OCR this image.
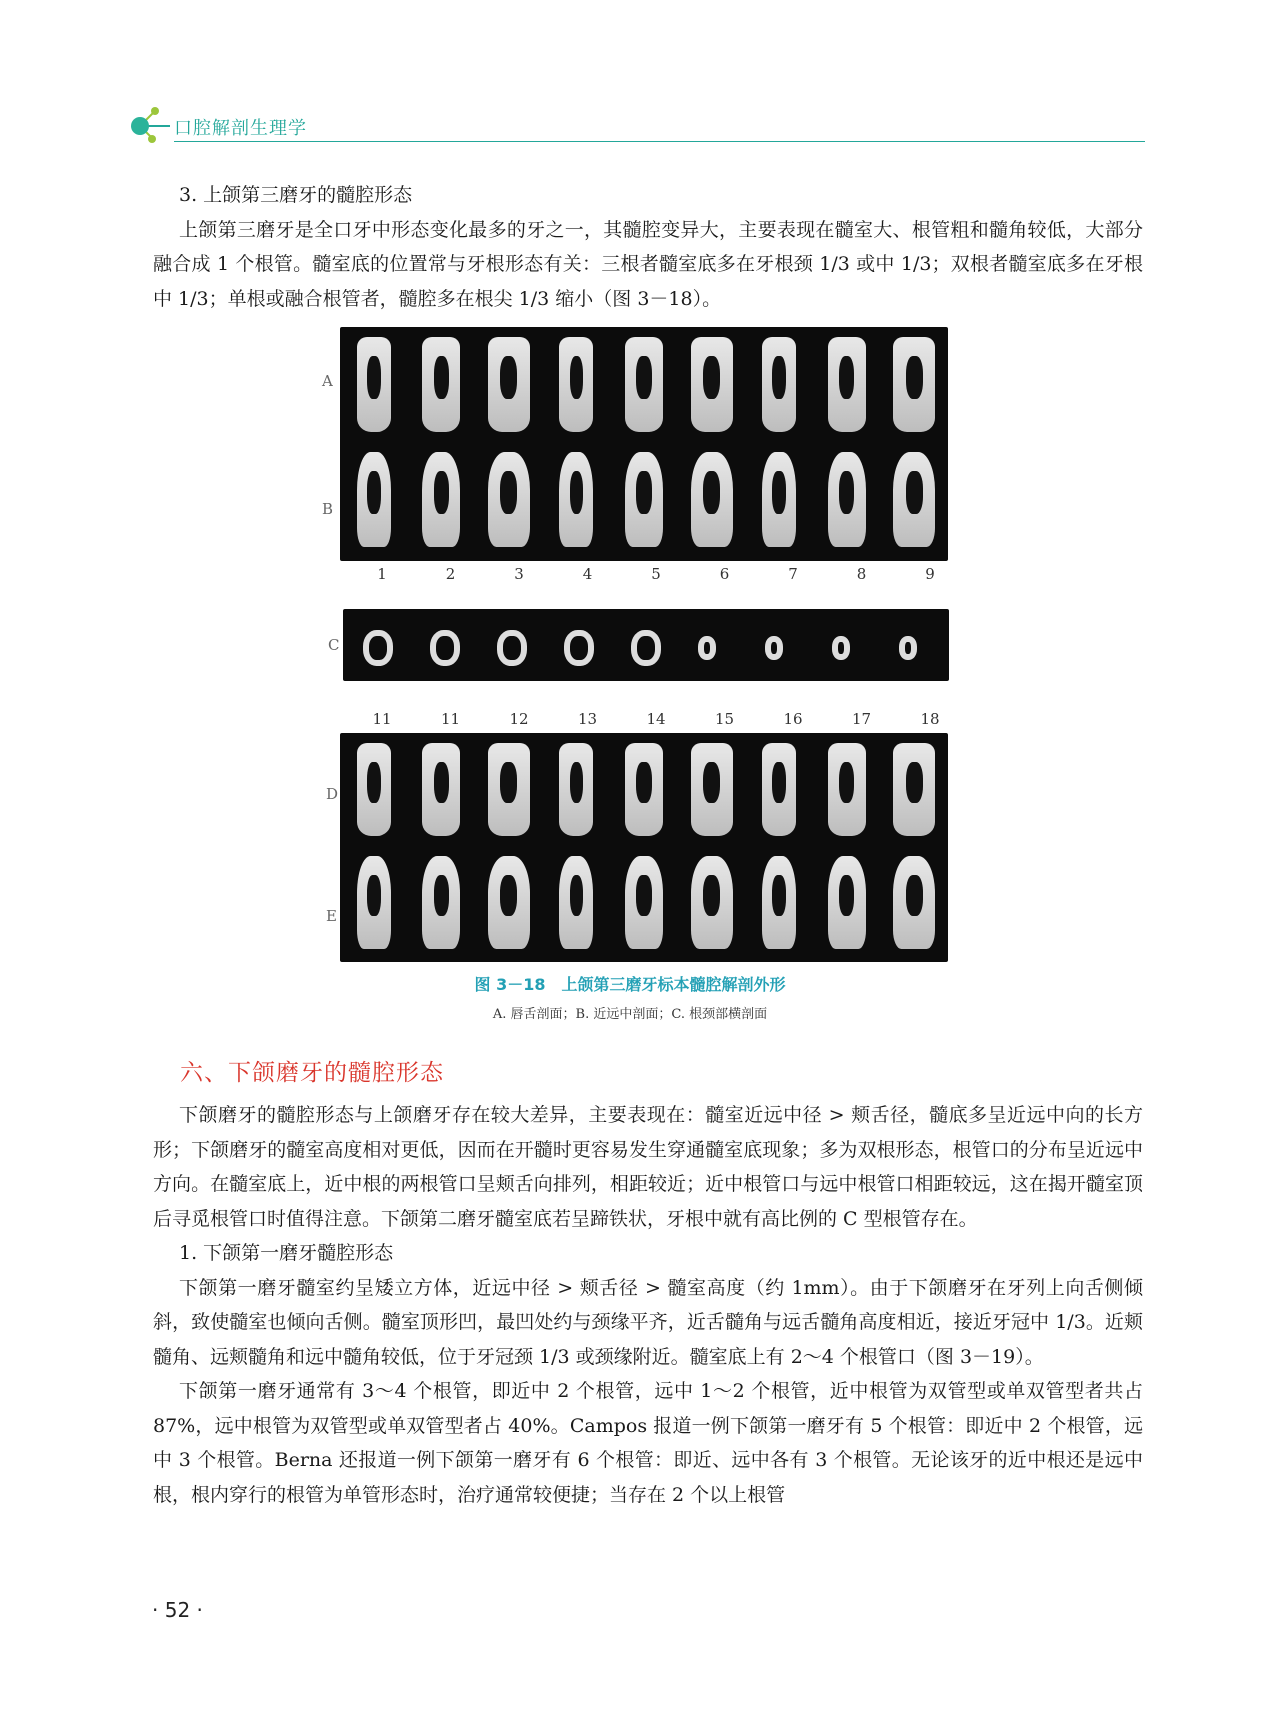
口腔解剖生理学

3. 上颌第三磨牙的髓腔形态

上颌第三磨牙是全口牙中形态变化最多的牙之一，其髓腔变异大，主要表现在髓室大、根管粗和髓角较低，大部分融合成 1 个根管。髓室底的位置常与牙根形态有关：三根者髓室底多在牙根颈 1/3 或中 1/3；双根者髓室底多在牙根中 1/3；单根或融合根管者，髓腔多在根尖 1/3 缩小（图 3－18）。

A
B
1	2	3	4	5	6	7	8	9
C
11	11	12	13	14	15	16	17	18
D
E
图 3－18　上颌第三磨牙标本髓腔解剖外形
A. 唇舌剖面；B. 近远中剖面；C. 根颈部横剖面
六、下颌磨牙的髓腔形态

下颌磨牙的髓腔形态与上颌磨牙存在较大差异，主要表现在：髓室近远中径 > 颊舌径，髓底多呈近远中向的长方形；下颌磨牙的髓室高度相对更低，因而在开髓时更容易发生穿通髓室底现象；多为双根形态，根管口的分布呈近远中方向。在髓室底上，近中根的两根管口呈颊舌向排列，相距较近；近中根管口与远中根管口相距较远，这在揭开髓室顶后寻觅根管口时值得注意。下颌第二磨牙髓室底若呈蹄铁状，牙根中就有高比例的 C 型根管存在。

1. 下颌第一磨牙髓腔形态

下颌第一磨牙髓室约呈矮立方体，近远中径 > 颊舌径 > 髓室高度（约 1mm）。由于下颌磨牙在牙列上向舌侧倾斜，致使髓室也倾向舌侧。髓室顶形凹，最凹处约与颈缘平齐，近舌髓角与远舌髓角高度相近，接近牙冠中 1/3。近颊髓角、远颊髓角和远中髓角较低，位于牙冠颈 1/3 或颈缘附近。髓室底上有 2～4 个根管口（图 3－19）。

下颌第一磨牙通常有 3～4 个根管，即近中 2 个根管，远中 1～2 个根管，近中根管为双管型或单双管型者共占 87%，远中根管为双管型或单双管型者占 40%。Campos 报道一例下颌第一磨牙有 5 个根管：即近中 2 个根管，远中 3 个根管。Berna 还报道一例下颌第一磨牙有 6 个根管：即近、远中各有 3 个根管。无论该牙的近中根还是远中根，根内穿行的根管为单管形态时，治疗通常较便捷；当存在 2 个以上根管

· 52 ·
